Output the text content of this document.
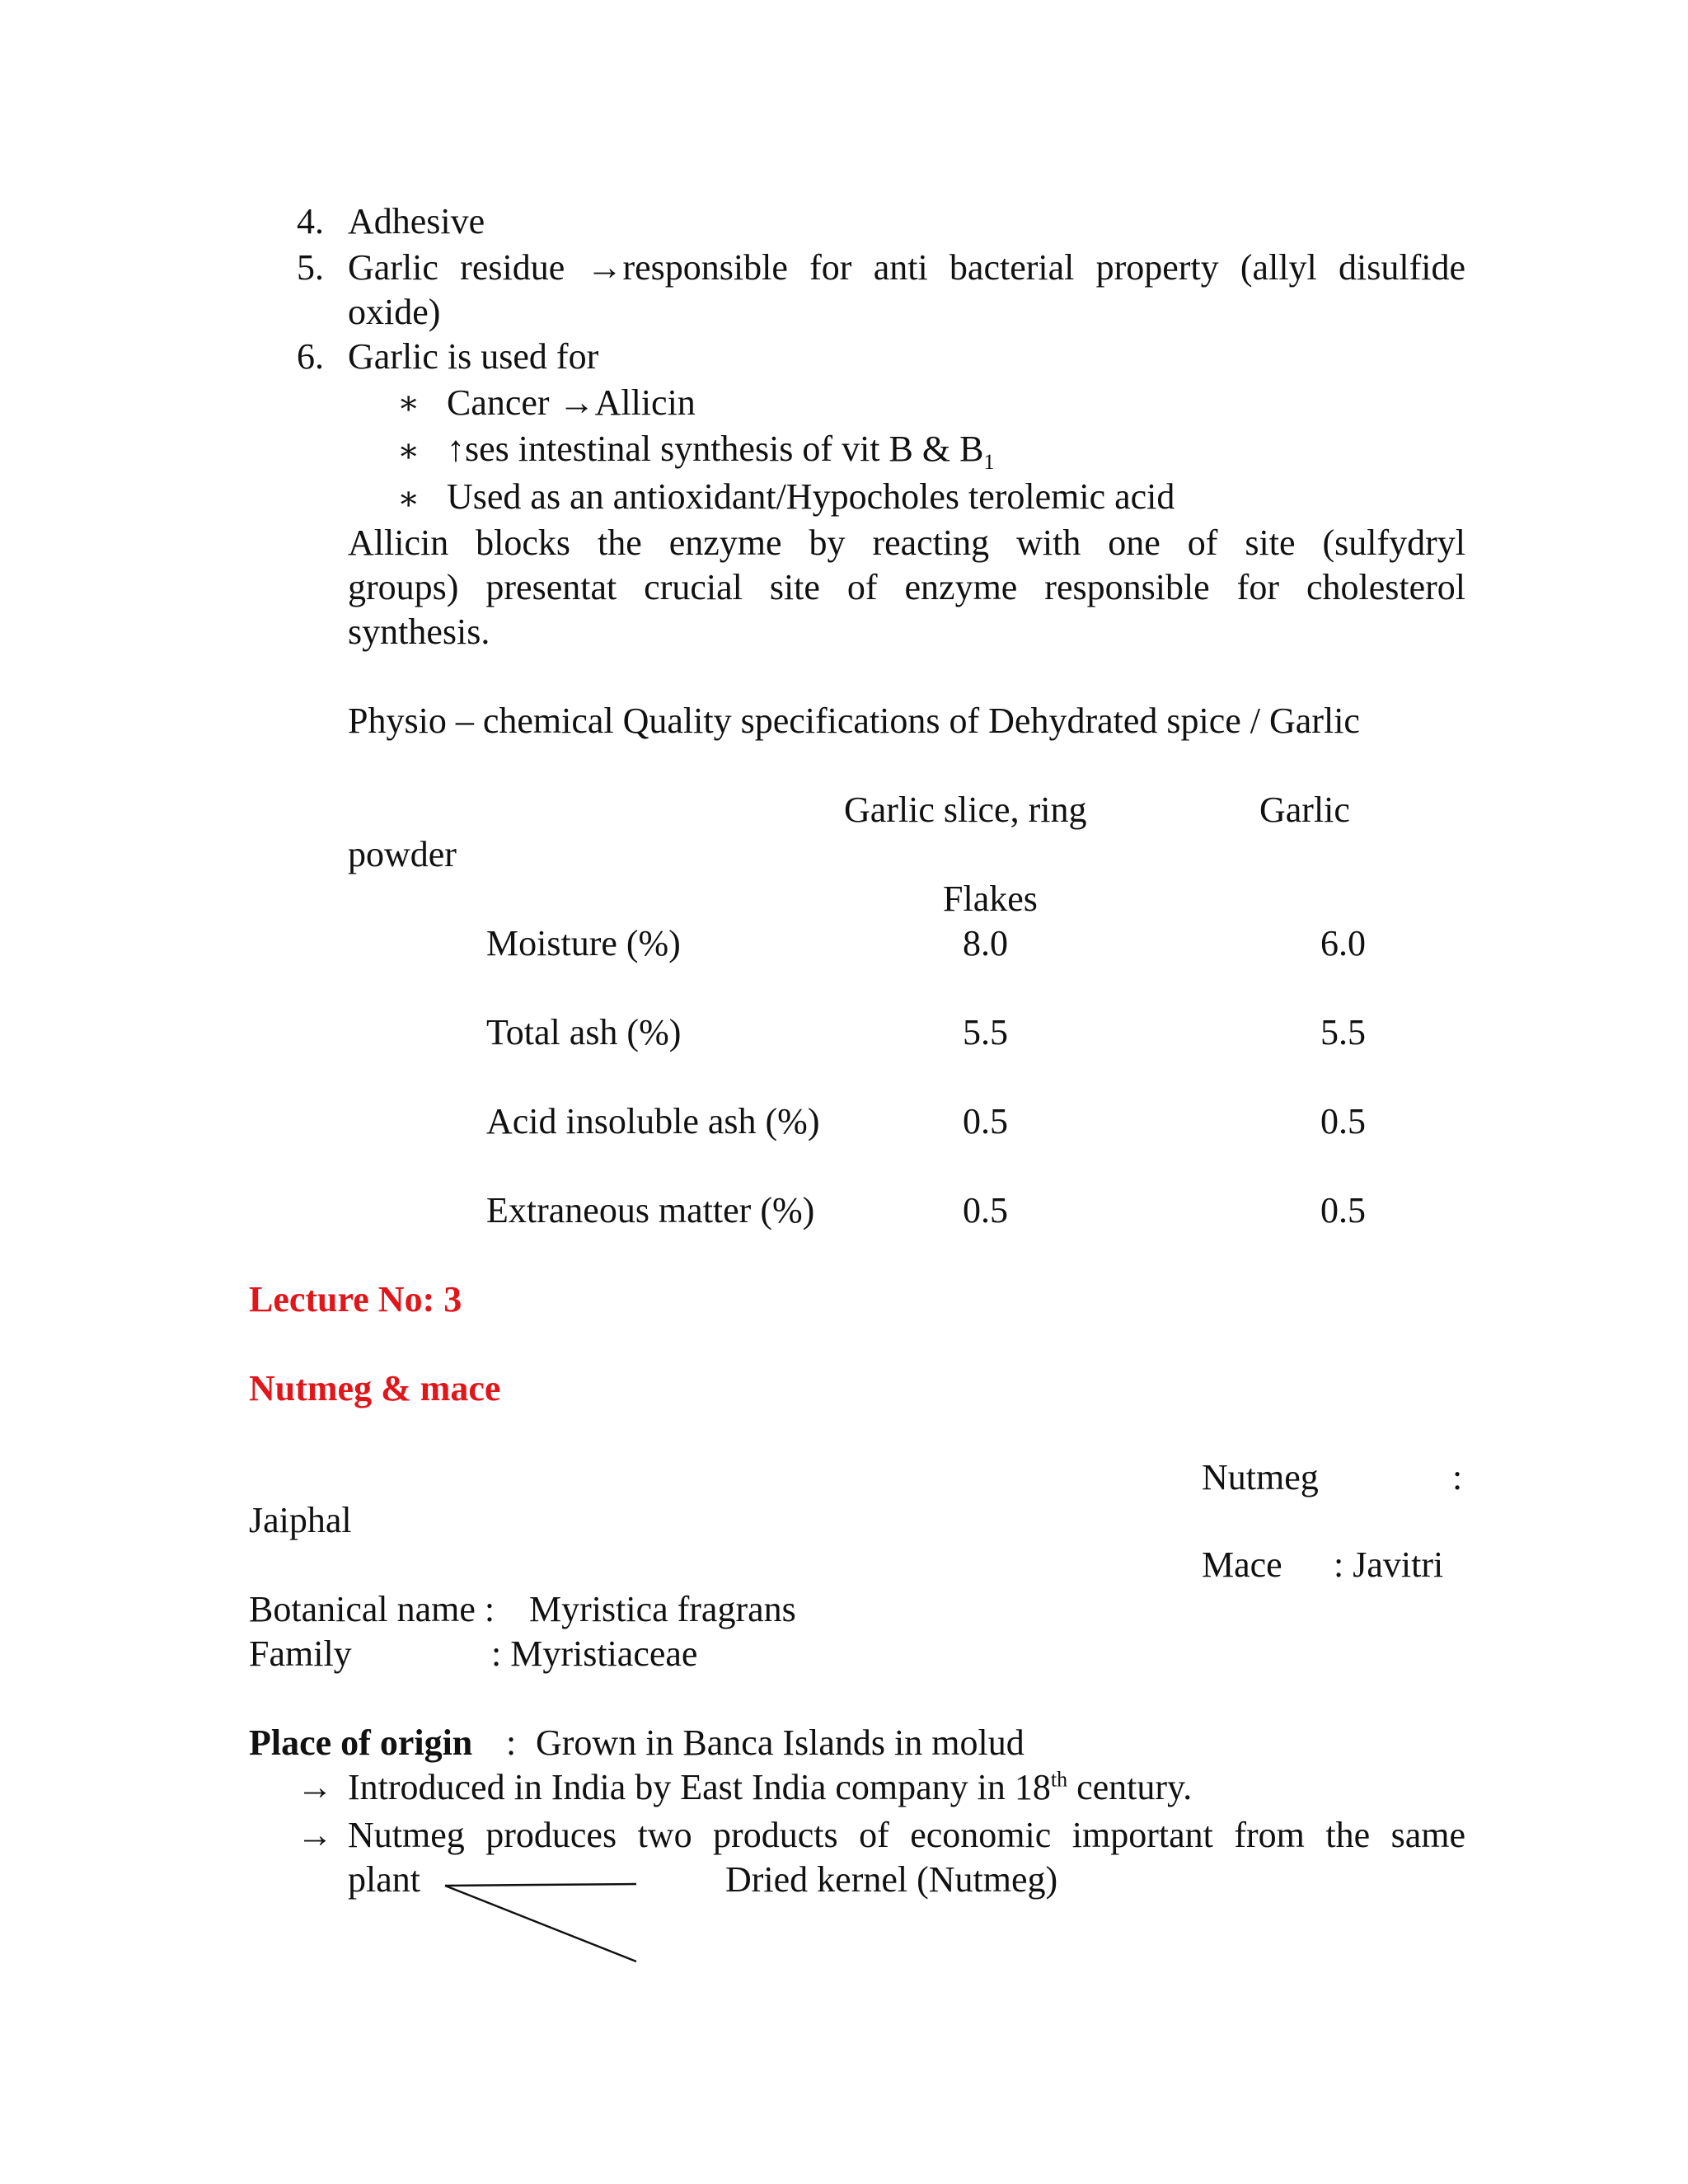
4. Adhesive
5. Garlic residue →responsible for anti bacterial property (allyl disulfide
oxide)
6. Garlic is used for
∗ Cancer →Allicin
∗ ↑ses intestinal synthesis of vit B & $B_1$
∗ Used as an antioxidant/Hypocholes terolemic acid
Allicin blocks the enzyme by reacting with one of site (sulfydryl
groups) presentat crucial site of enzyme responsible for cholesterol
synthesis.
Physio – chemical Quality specifications of Dehydrated spice / Garlic
Garlic slice, ring	Garlic
powder
Flakes
Moisture (%)	8.0	6.0
Total ash (%)	5.5	5.5
Acid insoluble ash (%)	0.5	0.5
Extraneous matter (%)	0.5	0.5
Lecture No: 3
Nutmeg & mace
Nutmeg	:
Jaiphal
Mace : Javitri
Botanical name : Myristica fragrans
Family	: Myristiaceae
Place of origin : Grown in Banca Islands in molud
→ Introduced in India by East India company in 18th century.
→ Nutmeg produces two products of economic important from the same
plant	Dried kernel (Nutmeg)
